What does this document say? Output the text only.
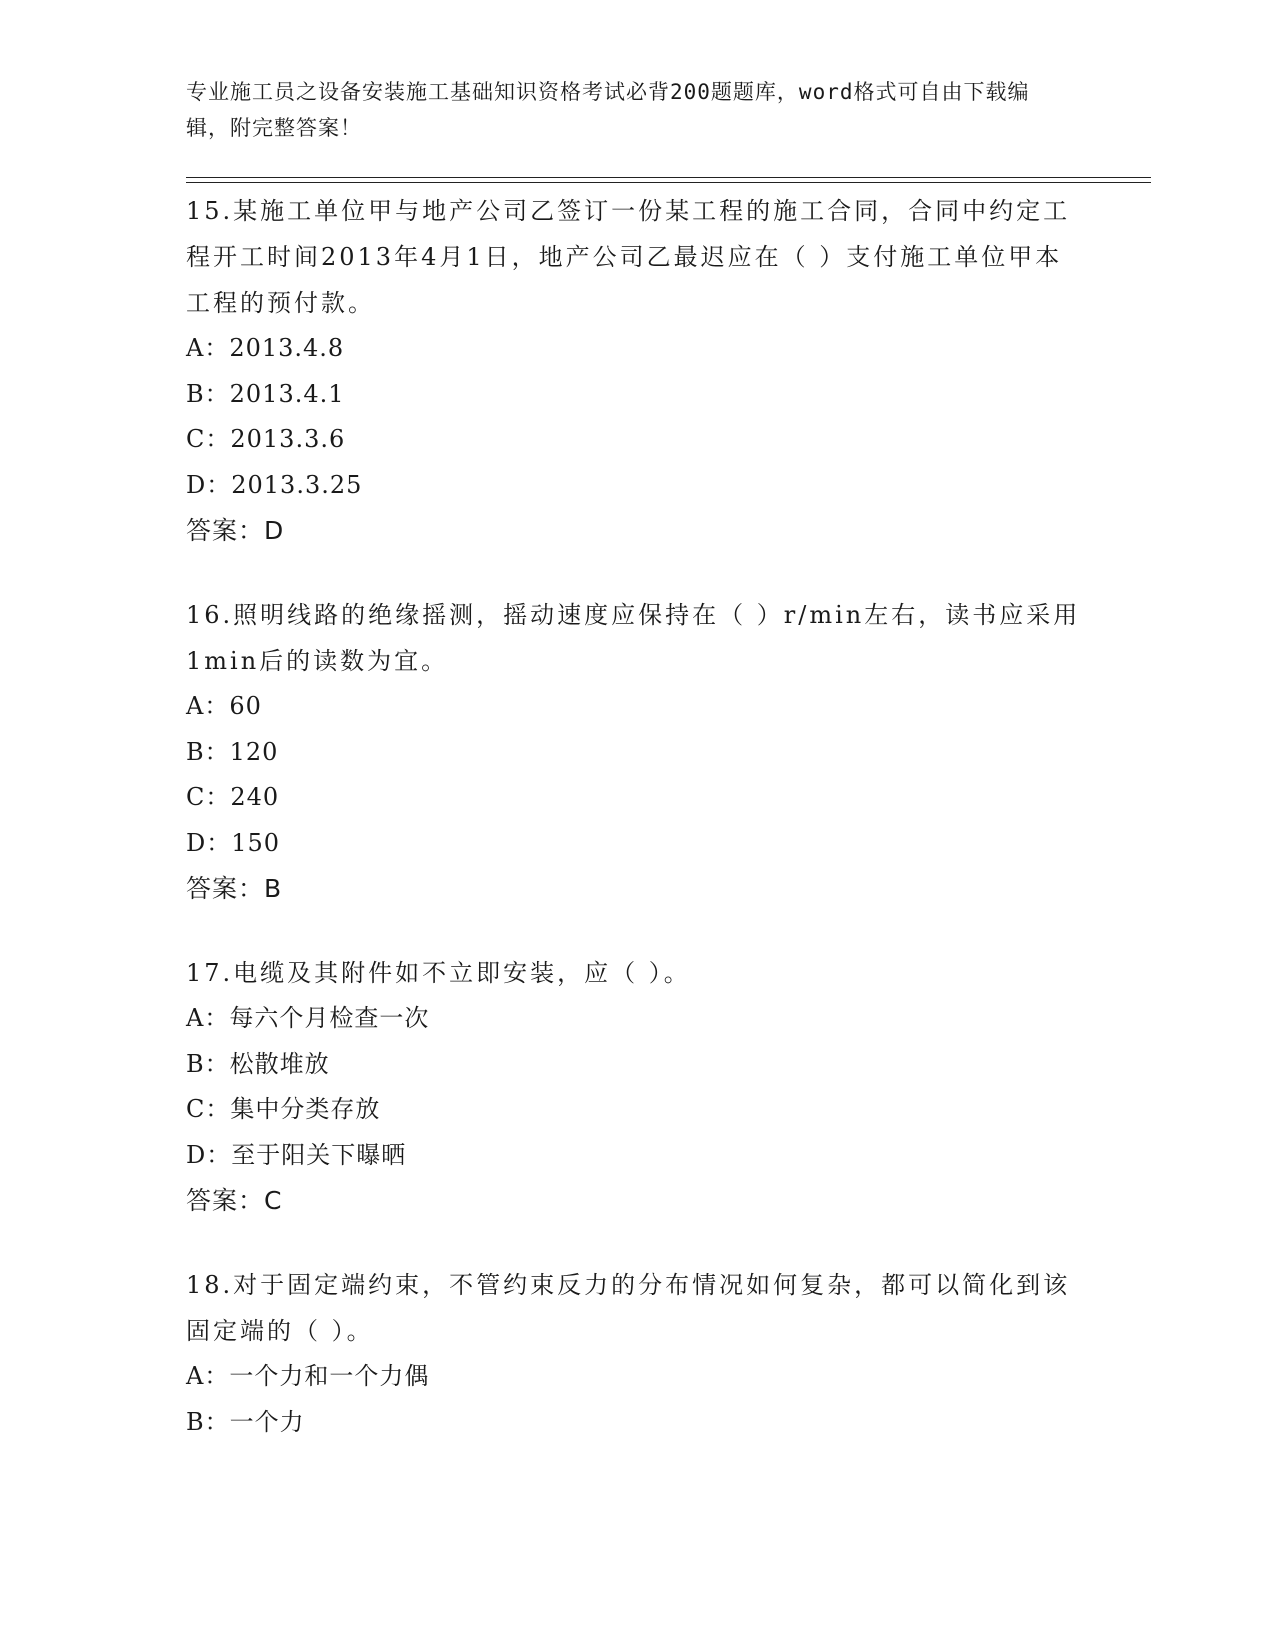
专业施工员之设备安装施工基础知识资格考试必背200题题库，word格式可自由下载编辑，附完整答案！

15.某施工单位甲与地产公司乙签订一份某工程的施工合同，合同中约定工程开工时间2013年4月1日，地产公司乙最迟应在（ ）支付施工单位甲本工程的预付款。

A：2013.4.8

B：2013.4.1

C：2013.3.6

D：2013.3.25

答案：D

16.照明线路的绝缘摇测，摇动速度应保持在（ ）r/min左右，读书应采用1min后的读数为宜。

A：60

B：120

C：240

D：150

答案：B

17.电缆及其附件如不立即安装，应（ ）。

A：每六个月检查一次

B：松散堆放

C：集中分类存放

D：至于阳关下曝晒

答案：C

18.对于固定端约束，不管约束反力的分布情况如何复杂，都可以简化到该固定端的（ ）。

A：一个力和一个力偶

B：一个力
